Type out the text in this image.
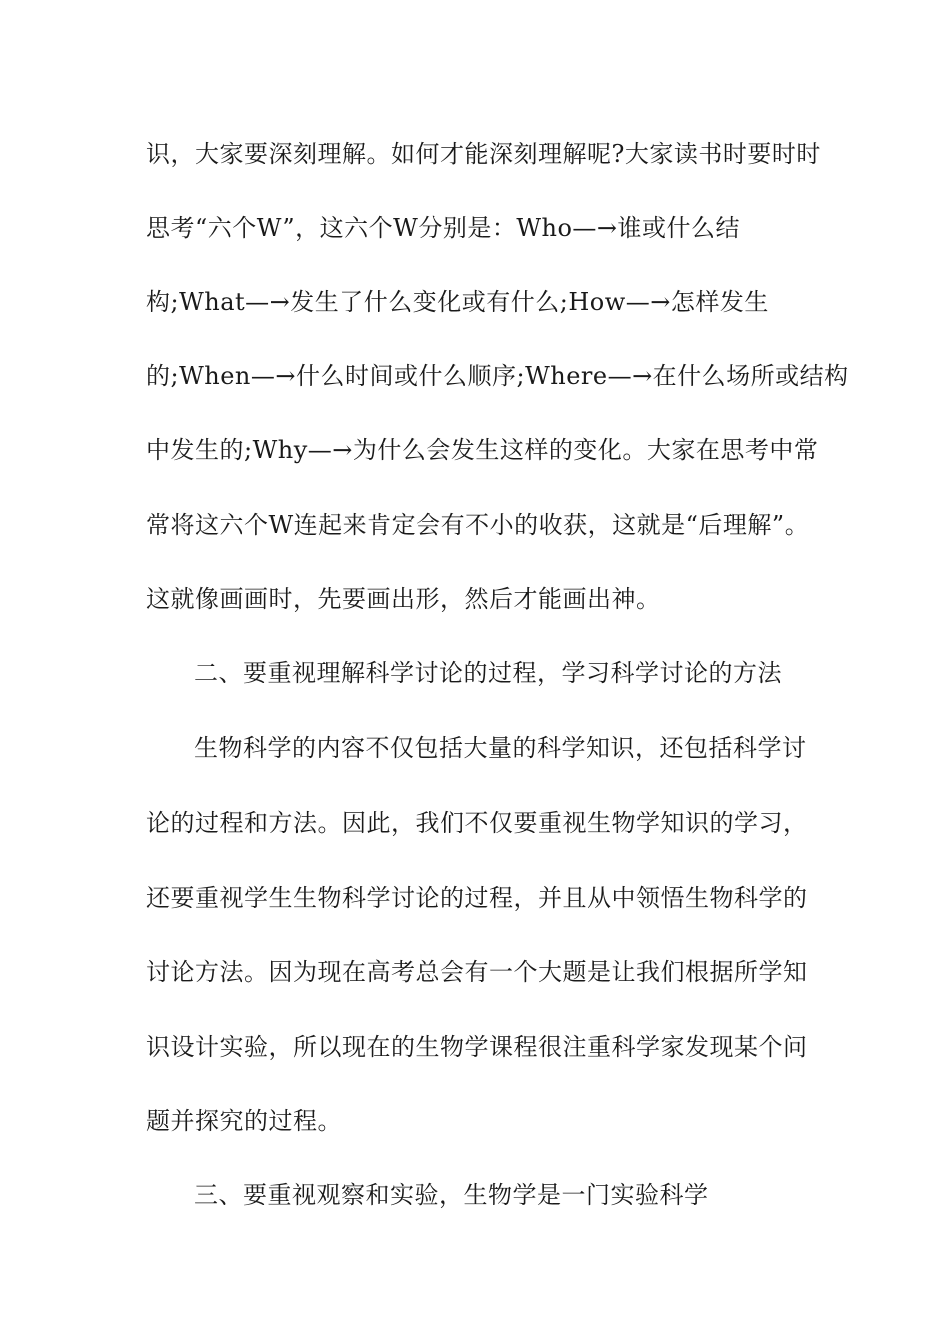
识，大家要深刻理解。如何才能深刻理解呢?大家读书时要时时
思考“六个W”，这六个W分别是：Who—→谁或什么结
构;What—→发生了什么变化或有什么;How—→怎样发生
的;When—→什么时间或什么顺序;Where—→在什么场所或结构
中发生的;Why—→为什么会发生这样的变化。大家在思考中常
常将这六个W连起来肯定会有不小的收获，这就是“后理解”。
这就像画画时，先要画出形，然后才能画出神。
二、要重视理解科学讨论的过程，学习科学讨论的方法
生物科学的内容不仅包括大量的科学知识，还包括科学讨
论的过程和方法。因此，我们不仅要重视生物学知识的学习，
还要重视学生生物科学讨论的过程，并且从中领悟生物科学的
讨论方法。因为现在高考总会有一个大题是让我们根据所学知
识设计实验，所以现在的生物学课程很注重科学家发现某个问
题并探究的过程。
三、要重视观察和实验，生物学是一门实验科学
